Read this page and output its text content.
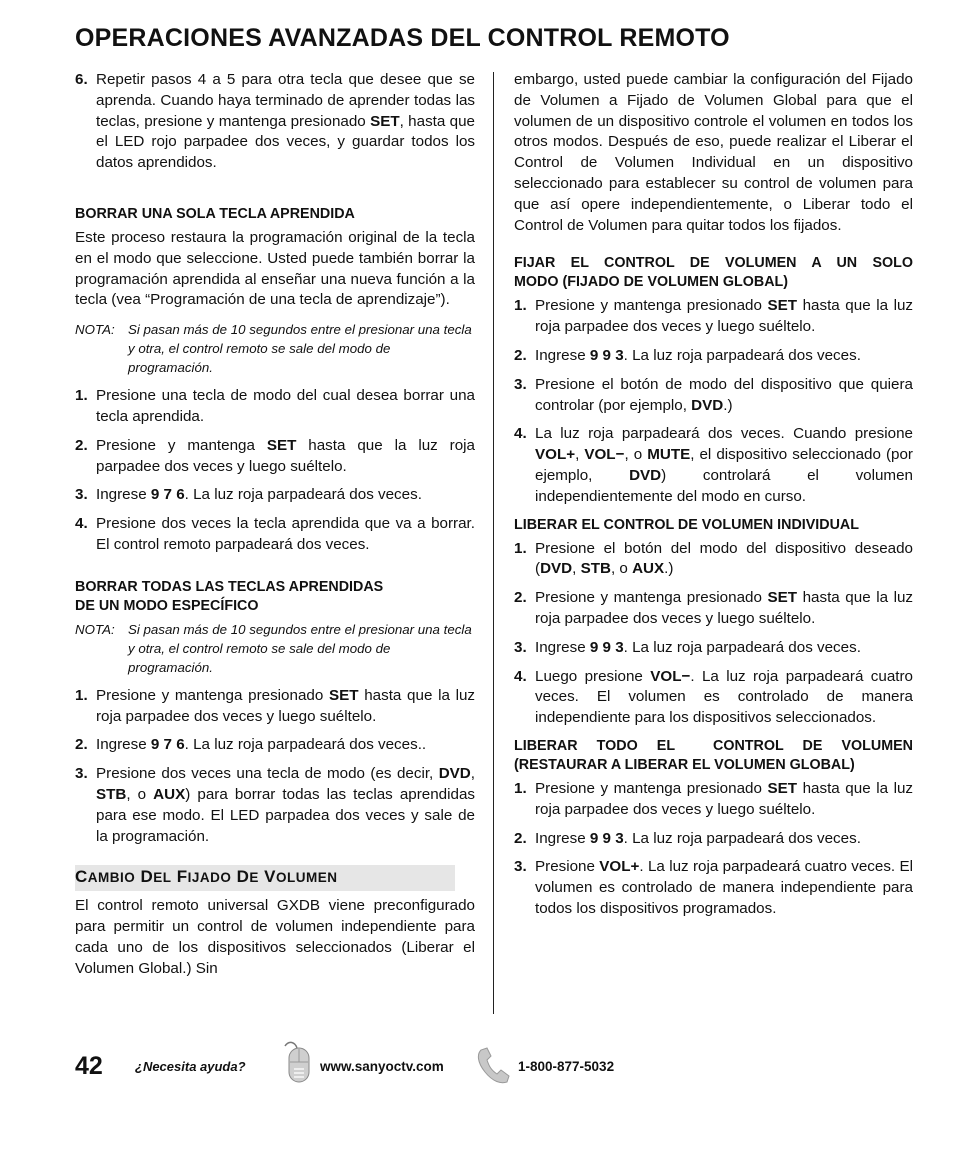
OPERACIONES AVANZADAS DEL CONTROL REMOTO
6. Repetir pasos 4 a 5 para otra tecla que desee que se aprenda. Cuando haya terminado de aprender todas las teclas, presione y mantenga presionado SET, hasta que el LED rojo parpadee dos veces, y guardar todos los datos aprendidos.

BORRAR UNA SOLA TECLA APRENDIDA

Este proceso restaura la programación original de la tecla en el modo que seleccione. Usted puede también borrar la programación aprendida al enseñar una nueva función a la tecla (vea “Programación de una tecla de aprendizaje”).

NOTA:	Si pasan más de 10 segundos entre el presionar una tecla y otra, el control remoto se sale del modo de programación.
1. Presione una tecla de modo del cual desea borrar una tecla aprendida.
2. Presione y mantenga SET hasta que la luz roja parpadee dos veces y luego suéltelo.
3. Ingrese 9 7 6. La luz roja parpadeará dos veces.
4. Presione dos veces la tecla aprendida que va a borrar. El control remoto parpadeará dos veces.

BORRAR TODAS LAS TECLAS APRENDIDAS
DE UN MODO ESPECÍFICO

NOTA:	Si pasan más de 10 segundos entre el presionar una tecla y otra, el control remoto se sale del modo de programación.
1. Presione y mantenga presionado SET hasta que la luz roja parpadee dos veces y luego suéltelo.
2. Ingrese 9 7 6. La luz roja parpadeará dos veces..
3. Presione dos veces una tecla de modo (es decir, DVD, STB, o AUX) para borrar todas las teclas aprendidas para ese modo. El LED parpadea dos veces y sale de la programación.
CAMBIO DEL FIJADO DE VOLUMEN

El control remoto universal GXDB viene preconfigurado para permitir un control de volumen independiente para cada uno de los dispositivos seleccionados (Liberar el Volumen Global.) Sin

embargo, usted puede cambiar la configuración del Fijado de Volumen a Fijado de Volumen Global para que el volumen de un dispositivo controle el volumen en todos los otros modos. Después de eso, puede realizar el Liberar el Control de Volumen Individual en un dispositivo seleccionado para establecer su control de volumen para que así opere independientemente, o Liberar todo el Control de Volumen para quitar todos los fijados.

FIJAR EL CONTROL DE VOLUMEN A UN SOLO
MODO (FIJADO DE VOLUMEN GLOBAL)

1. Presione y mantenga presionado SET hasta que la luz roja parpadee dos veces y luego suéltelo.
2. Ingrese 9 9 3. La luz roja parpadeará dos veces.
3. Presione el botón de modo del dispositivo que quiera controlar (por ejemplo, DVD.)
4. La luz roja parpadeará dos veces. Cuando presione VOL+, VOL−, o MUTE, el dispositivo seleccionado (por ejemplo, DVD) controlará el volumen independientemente del modo en curso.

LIBERAR EL CONTROL DE VOLUMEN INDIVIDUAL

1. Presione el botón del modo del dispositivo deseado (DVD, STB, o AUX.)
2. Presione y mantenga presionado SET hasta que la luz roja parpadee dos veces y luego suéltelo.
3. Ingrese 9 9 3. La luz roja parpadeará dos veces.
4. Luego presione VOL−. La luz roja parpadeará cuatro veces. El volumen es controlado de manera independiente para los dispositivos seleccionados.

LIBERAR TODO EL  CONTROL DE VOLUMEN
(RESTAURAR A LIBERAR EL VOLUMEN GLOBAL)

1. Presione y mantenga presionado SET hasta que la luz roja parpadee dos veces y luego suéltelo.
2. Ingrese 9 9 3. La luz roja parpadeará dos veces.
3. Presione VOL+. La luz roja parpadeará cuatro veces. El volumen es controlado de manera independiente para todos los dispositivos programados.
42 ¿Necesita ayuda?	www.sanyoctv.com	1-800-877-5032
